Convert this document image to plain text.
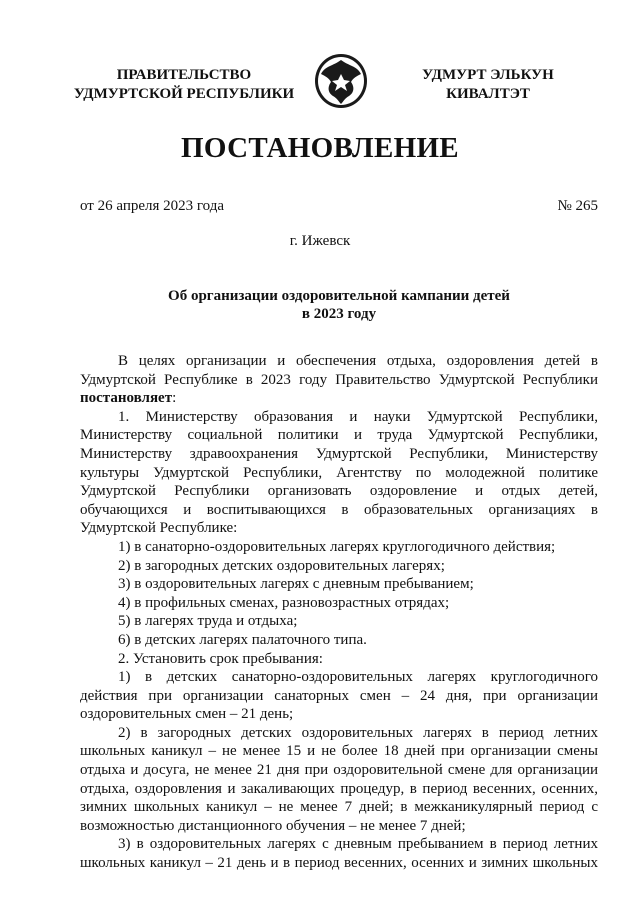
ПРАВИТЕЛЬСТВО
УДМУРТСКОЙ РЕСПУБЛИКИ
УДМУРТ ЭЛЬКУН
КИВАЛТЭТ
ПОСТАНОВЛЕНИЕ
от 26 апреля 2023 года	№ 265
г. Ижевск
Об организации оздоровительной кампании детей
в 2023 году

В целях организации и обеспечения отдыха, оздоровления детей в Удмуртской Республике в 2023 году Правительство Удмуртской Республики постановляет:

1. Министерству образования и науки Удмуртской Республики, Министерству социальной политики и труда Удмуртской Республики, Министерству здравоохранения Удмуртской Республики, Министерству культуры Удмуртской Республики, Агентству по молодежной политике Удмуртской Республики организовать оздоровление и отдых детей, обучающихся и воспитывающихся в образовательных организациях в Удмуртской Республике:

1) в санаторно-оздоровительных лагерях круглогодичного действия;

2) в загородных детских оздоровительных лагерях;

3) в оздоровительных лагерях с дневным пребыванием;

4) в профильных сменах, разновозрастных отрядах;

5) в лагерях труда и отдыха;

6) в детских лагерях палаточного типа.

2. Установить срок пребывания:

1) в детских санаторно-оздоровительных лагерях круглогодичного действия при организации санаторных смен – 24 дня, при организации оздоровительных смен – 21 день;

2) в загородных детских оздоровительных лагерях в период летних школьных каникул – не менее 15 и не более 18 дней при организации смены отдыха и досуга, не менее 21 дня при оздоровительной смене для организации отдыха, оздоровления и закаливающих процедур, в период весенних, осенних, зимних школьных каникул – не менее 7 дней; в межканикулярный период с возможностью дистанционного обучения – не менее 7 дней;

3) в оздоровительных лагерях с дневным пребыванием в период летних школьных каникул – 21 день и в период весенних, осенних и зимних школьных
